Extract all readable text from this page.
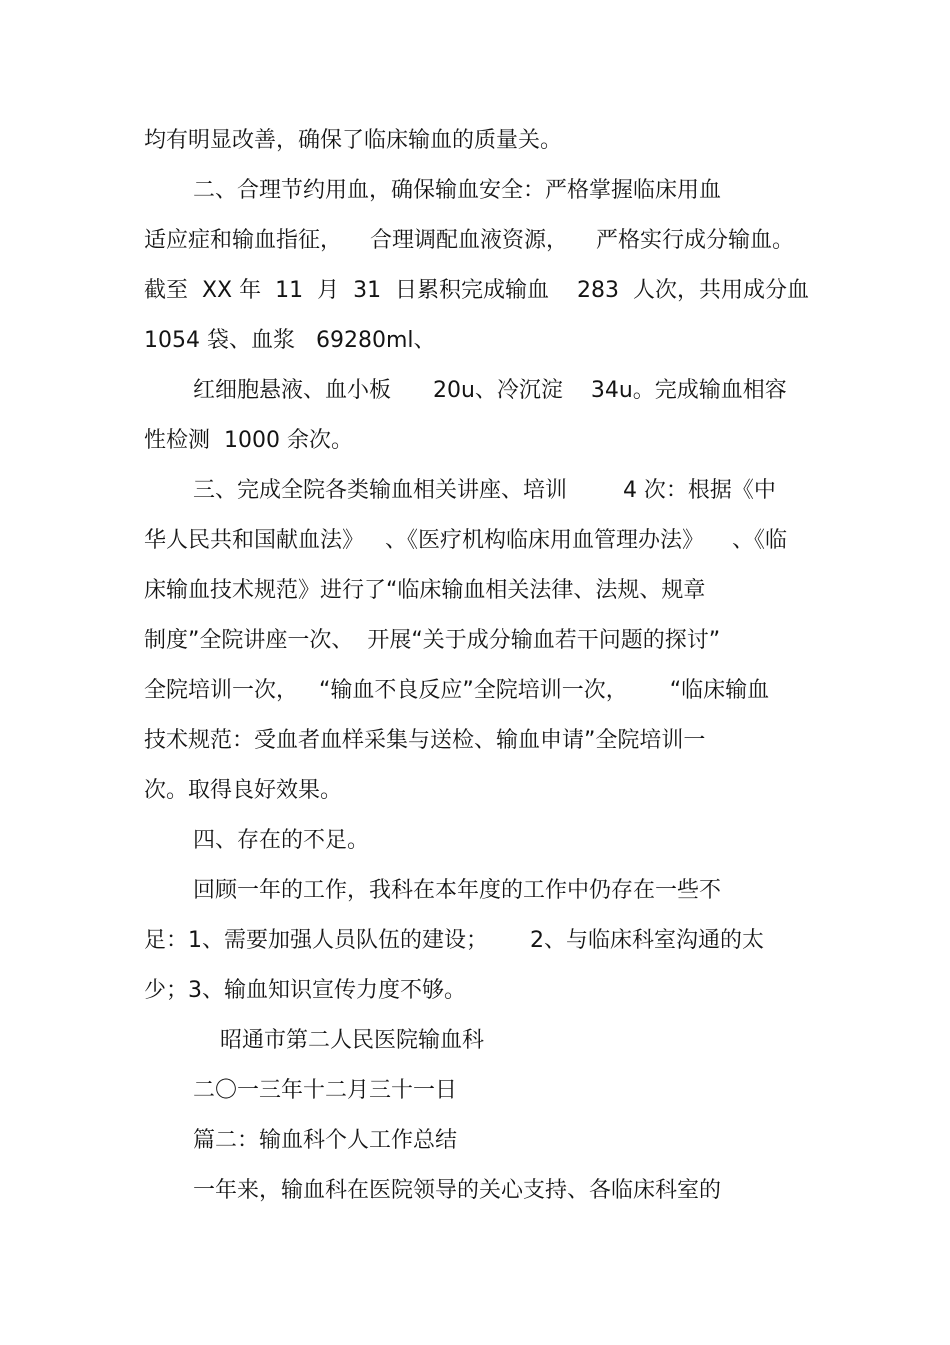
均有明显改善，确保了临床输血的质量关。
二、合理节约用血，确保输血安全：严格掌握临床用血
适应症和输血指征，    合理调配血液资源，    严格实行成分输血。
截至  XX 年  11  月  31  日累积完成输血    283  人次，共用成分血
1054 袋、血浆   69280ml、
红细胞悬液、血小板      20u、冷沉淀    34u。完成输血相容
性检测  1000 余次。
三、完成全院各类输血相关讲座、培训        4 次：根据《中
华人民共和国献血法》   、《医疗机构临床用血管理办法》    、《临
床输血技术规范》进行了“临床输血相关法律、法规、规章
制度”全院讲座一次、  开展“关于成分输血若干问题的探讨”
全院培训一次，   “输血不良反应”全院培训一次，      “临床输血
技术规范：受血者血样采集与送检、输血申请”全院培训一
次。取得良好效果。
四、存在的不足。
回顾一年的工作，我科在本年度的工作中仍存在一些不
足：1、需要加强人员队伍的建设；      2、与临床科室沟通的太
少；3、输血知识宣传力度不够。
昭通市第二人民医院输血科
二〇一三年十二月三十一日
篇二：输血科个人工作总结
一年来，输血科在医院领导的关心支持、各临床科室的
